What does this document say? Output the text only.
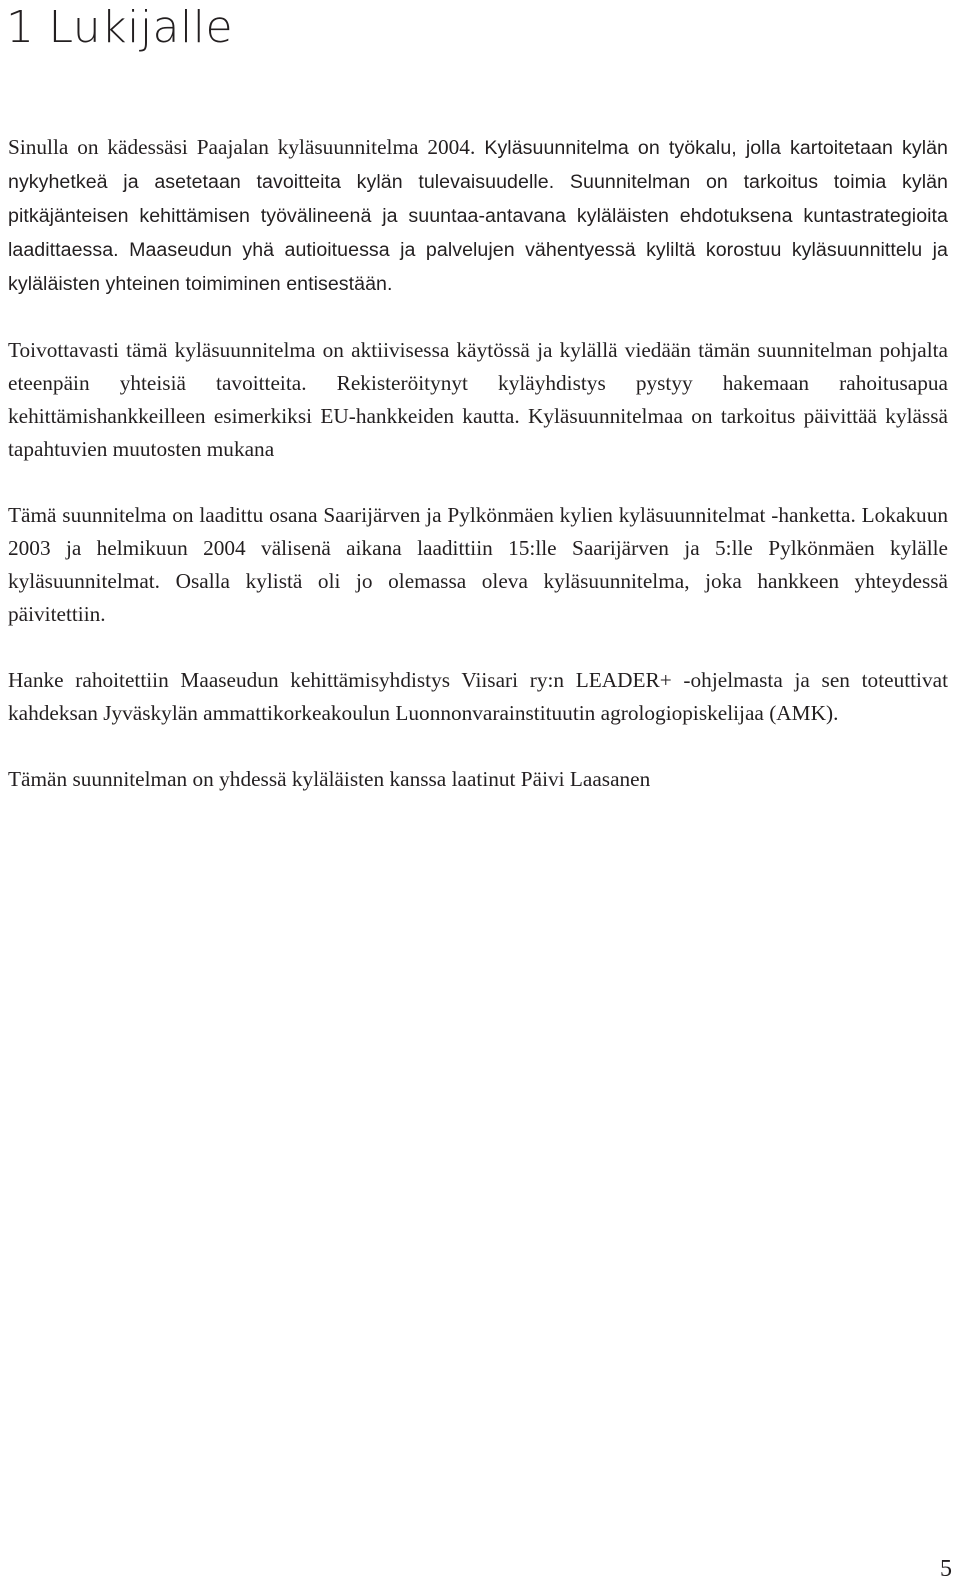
1 Lukijalle

Sinulla on kädessäsi Paajalan kyläsuunnitelma 2004. Kyläsuunnitelma on työkalu, jolla kartoitetaan kylän nykyhetkeä ja asetetaan tavoitteita kylän tulevaisuudelle. Suunnitelman on tarkoitus toimia kylän pitkäjänteisen kehittämisen työvälineenä ja suuntaa-antavana kyläläisten ehdotuksena kuntastrategioita laadittaessa. Maaseudun yhä autioituessa ja palvelujen vähentyessä kyliltä korostuu kyläsuunnittelu ja kyläläisten yhteinen toimiminen entisestään.

Toivottavasti tämä kyläsuunnitelma on aktiivisessa käytössä ja kylällä viedään tämän suunnitelman pohjalta eteenpäin yhteisiä tavoitteita. Rekisteröitynyt kyläyhdistys pystyy hakemaan rahoitusapua kehittämishankkeilleen esimerkiksi EU-hankkeiden kautta. Kyläsuunnitelmaa on tarkoitus päivittää kylässä tapahtuvien muutosten mukana

Tämä suunnitelma on laadittu osana Saarijärven ja Pylkönmäen kylien kyläsuunnitelmat -hanketta. Lokakuun 2003 ja helmikuun 2004 välisenä aikana laadittiin 15:lle Saarijärven ja 5:lle Pylkönmäen kylälle kyläsuunnitelmat. Osalla kylistä oli jo olemassa oleva kyläsuunnitelma, joka hankkeen yhteydessä päivitettiin.

Hanke rahoitettiin Maaseudun kehittämisyhdistys Viisari ry:n LEADER+ -ohjelmasta ja sen toteuttivat kahdeksan Jyväskylän ammattikorkeakoulun Luonnonvarainstituutin agrologiopiskelijaa (AMK).

Tämän suunnitelman on yhdessä kyläläisten kanssa laatinut Päivi Laasanen

5
